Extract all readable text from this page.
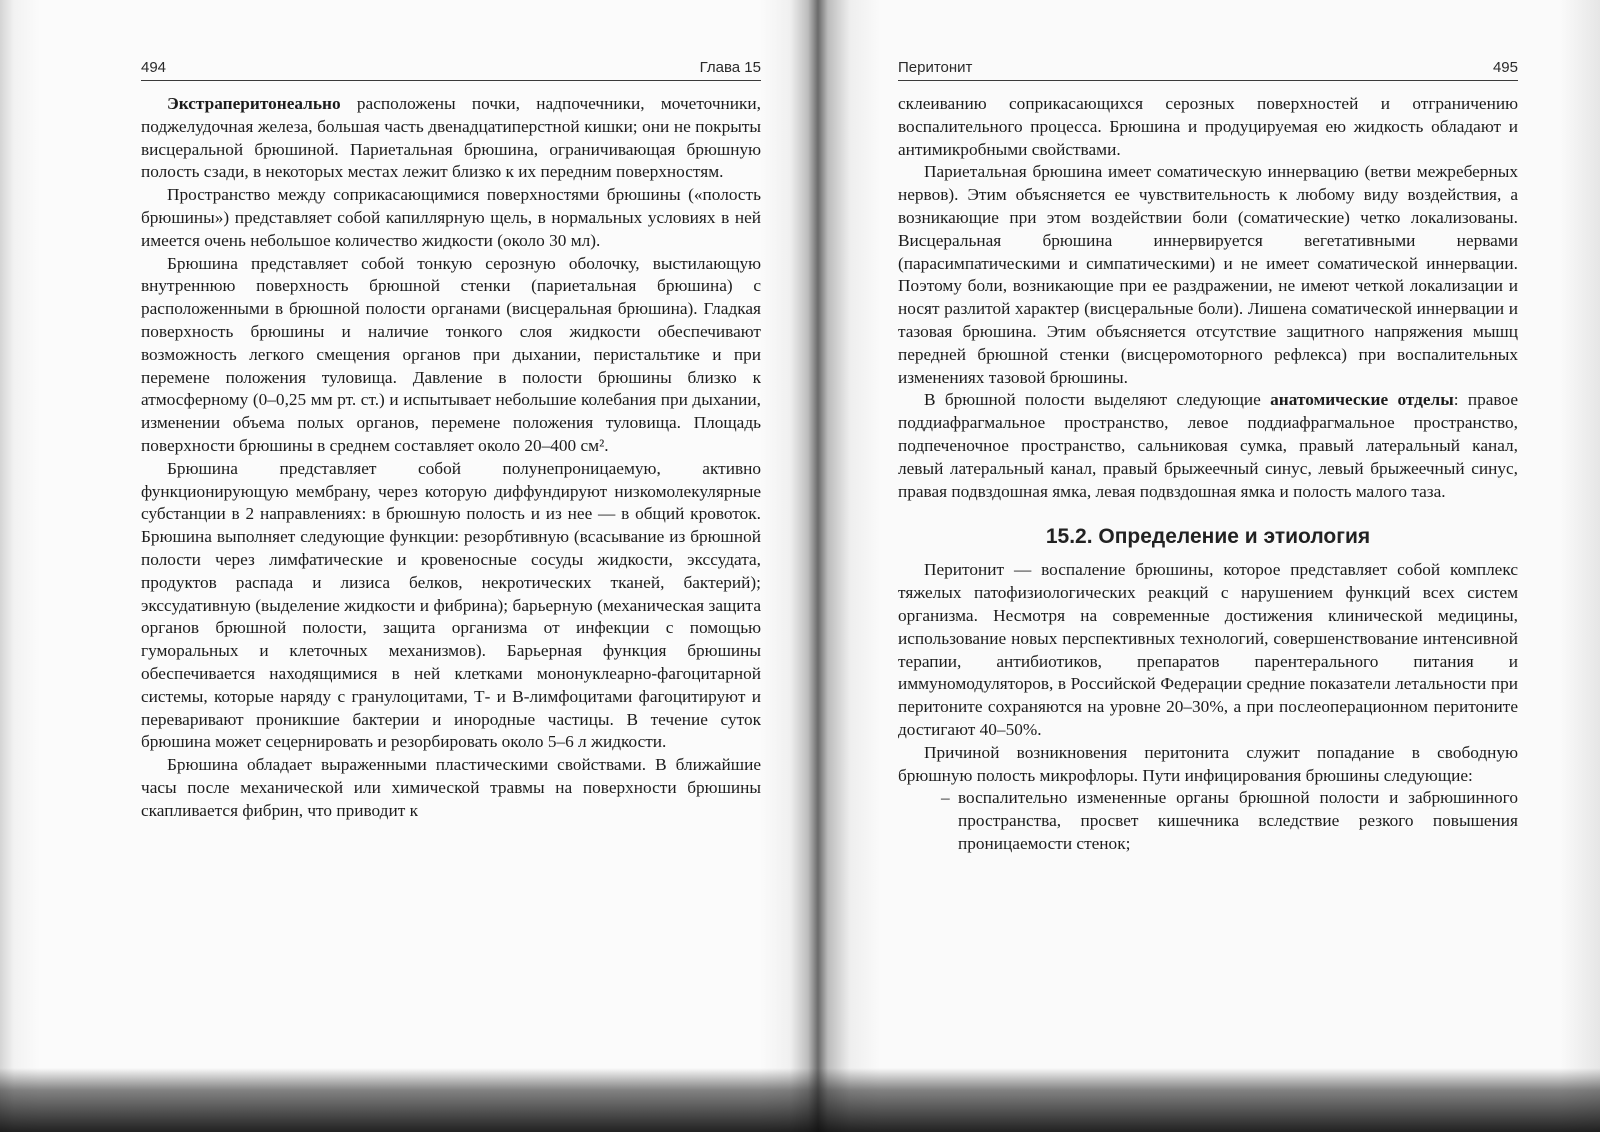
494	Глава 15

Экстраперитонеально расположены почки, надпочечники, мочеточники, поджелудочная железа, большая часть двенадцатиперстной кишки; они не покрыты висцеральной брюшиной. Париетальная брюшина, ограничивающая брюшную полость сзади, в некоторых местах лежит близко к их передним поверхностям.

Пространство между соприкасающимися поверхностями брюшины («полость брюшины») представляет собой капиллярную щель, в нормальных условиях в ней имеется очень небольшое количество жидкости (около 30 мл).

Брюшина представляет собой тонкую серозную оболочку, выстилающую внутреннюю поверхность брюшной стенки (париетальная брюшина) с расположенными в брюшной полости органами (висцеральная брюшина). Гладкая поверхность брюшины и наличие тонкого слоя жидкости обеспечивают возможность легкого смещения органов при дыхании, перистальтике и при перемене положения туловища. Давление в полости брюшины близко к атмосферному (0–0,25 мм рт. ст.) и испытывает небольшие колебания при дыхании, изменении объема полых органов, перемене положения туловища. Площадь поверхности брюшины в среднем составляет около 20–400 см².

Брюшина представляет собой полунепроницаемую, активно функционирующую мембрану, через которую диффундируют низкомолекулярные субстанции в 2 направлениях: в брюшную полость и из нее — в общий кровоток. Брюшина выполняет следующие функции: резорбтивную (всасывание из брюшной полости через лимфатические и кровеносные сосуды жидкости, экссудата, продуктов распада и лизиса белков, некротических тканей, бактерий); экссудативную (выделение жидкости и фибрина); барьерную (механическая защита органов брюшной полости, защита организма от инфекции с помощью гуморальных и клеточных механизмов). Барьерная функция брюшины обеспечивается находящимися в ней клетками мононуклеарно-фагоцитарной системы, которые наряду с гранулоцитами, Т- и В-лимфоцитами фагоцитируют и переваривают проникшие бактерии и инородные частицы. В течение суток брюшина может сецернировать и резорбировать около 5–6 л жидкости.

Брюшина обладает выраженными пластическими свойствами. В ближайшие часы после механической или химической травмы на поверхности брюшины скапливается фибрин, что приводит к

Перитонит	495

склеиванию соприкасающихся серозных поверхностей и отграничению воспалительного процесса. Брюшина и продуцируемая ею жидкость обладают и антимикробными свойствами.

Париетальная брюшина имеет соматическую иннервацию (ветви межреберных нервов). Этим объясняется ее чувствительность к любому виду воздействия, а возникающие при этом воздействии боли (соматические) четко локализованы. Висцеральная брюшина иннервируется вегетативными нервами (парасимпатическими и симпатическими) и не имеет соматической иннервации. Поэтому боли, возникающие при ее раздражении, не имеют четкой локализации и носят разлитой характер (висцеральные боли). Лишена соматической иннервации и тазовая брюшина. Этим объясняется отсутствие защитного напряжения мышц передней брюшной стенки (висцеромоторного рефлекса) при воспалительных изменениях тазовой брюшины.

В брюшной полости выделяют следующие анатомические отделы: правое поддиафрагмальное пространство, левое поддиафрагмальное пространство, подпеченочное пространство, сальниковая сумка, правый латеральный канал, левый латеральный канал, правый брыжеечный синус, левый брыжеечный синус, правая подвздошная ямка, левая подвздошная ямка и полость малого таза.

15.2. Определение и этиология

Перитонит — воспаление брюшины, которое представляет собой комплекс тяжелых патофизиологических реакций с нарушением функций всех систем организма. Несмотря на современные достижения клинической медицины, использование новых перспективных технологий, совершенствование интенсивной терапии, антибиотиков, препаратов парентерального питания и иммуномодуляторов, в Российской Федерации средние показатели летальности при перитоните сохраняются на уровне 20–30%, а при послеоперационном перитоните достигают 40–50%.

Причиной возникновения перитонита служит попадание в свободную брюшную полость микрофлоры. Пути инфицирования брюшины следующие:

– воспалительно измененные органы брюшной полости и забрюшинного пространства, просвет кишечника вследствие резкого повышения проницаемости стенок;
